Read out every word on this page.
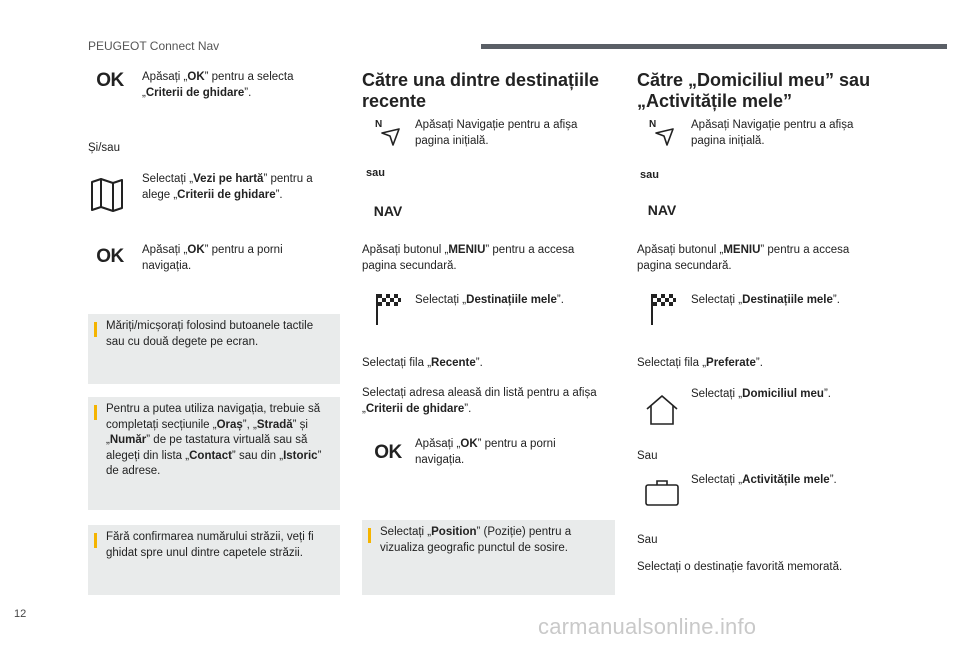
PEUGEOT Connect Nav
OK Apăsați „OK” pentru a selecta „Criterii de ghidare”.
Și/sau
Selectați „Vezi pe hartă” pentru a alege „Criterii de ghidare”.
OK Apăsați „OK” pentru a porni navigația.
Măriți/micșorați folosind butoanele tactile sau cu două degete pe ecran.
Pentru a putea utiliza navigația, trebuie să completați secțiunile „Oraș”, „Stradă” și „Număr” de pe tastatura virtuală sau să alegeți din lista „Contact” sau din „Istoric” de adrese.
Fără confirmarea numărului străzii, veți fi ghidat spre unul dintre capetele străzii.
Către una dintre destinațiile recente
N	Apăsați Navigație pentru a afișa pagina inițială.
sau
NAV
Apăsați butonul „MENIU” pentru a accesa pagina secundară.
Selectați „Destinațiile mele”.
Selectați fila „Recente”.
Selectați adresa aleasă din listă pentru a afișa „Criterii de ghidare”.
OK Apăsați „OK” pentru a porni navigația.
Selectați „Position” (Poziție) pentru a vizualiza geografic punctul de sosire.
Către „Domiciliul meu” sau „Activitățile mele”
N	Apăsați Navigație pentru a afișa pagina inițială.
sau
NAV
Apăsați butonul „MENIU” pentru a accesa pagina secundară.
Selectați „Destinațiile mele”.
Selectați fila „Preferate”.
Selectați „Domiciliul meu”.
Sau
Selectați „Activitățile mele”.
Sau
Selectați o destinație favorită memorată.
12	carmanualsonline.info
